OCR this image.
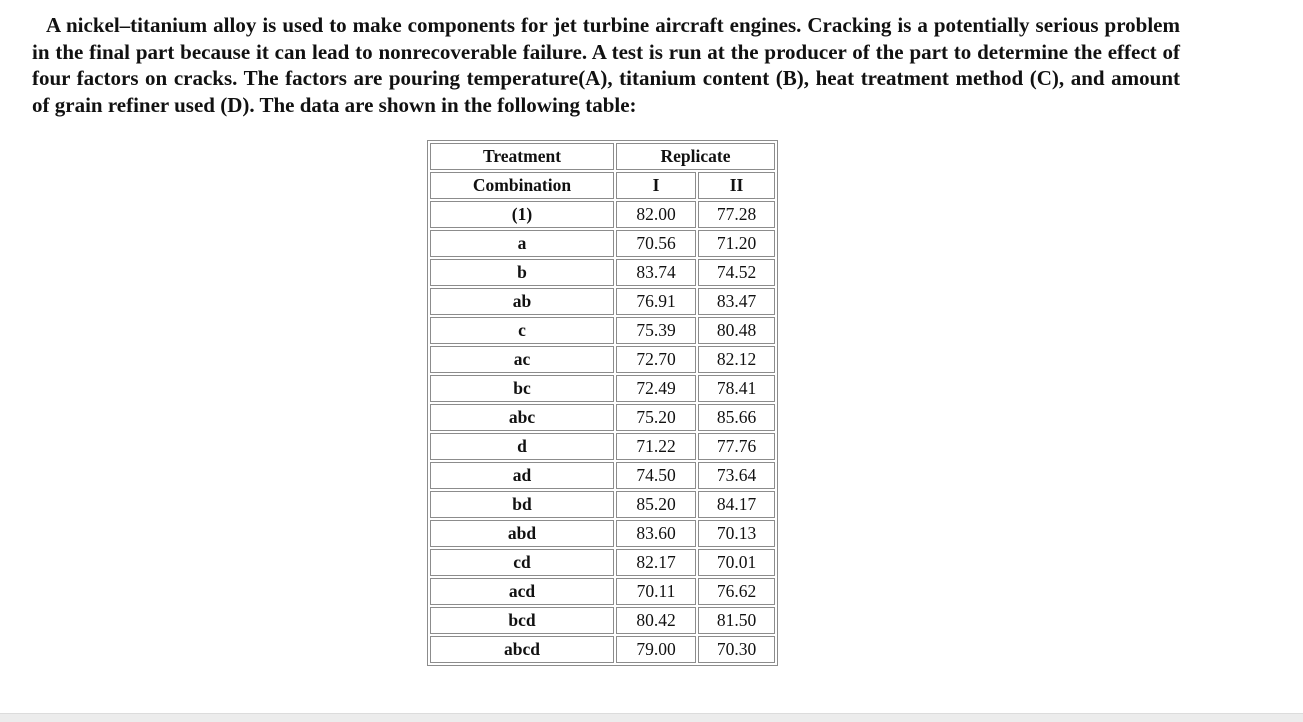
A nickel–titanium alloy is used to make components for jet turbine aircraft engines. Cracking is a potentially serious problem in the final part because it can lead to nonrecoverable failure. A test is run at the producer of the part to determine the effect of four factors on cracks. The factors are pouring temperature(A), titanium content (B), heat treatment method (C), and amount of grain refiner used (D). The data are shown in the following table:

Treatment	Replicate	
Combination	I	II
(1)	82.00	77.28
a	70.56	71.20
b	83.74	74.52
ab	76.91	83.47
c	75.39	80.48
ac	72.70	82.12
bc	72.49	78.41
abc	75.20	85.66
d	71.22	77.76
ad	74.50	73.64
bd	85.20	84.17
abd	83.60	70.13
cd	82.17	70.01
acd	70.11	76.62
bcd	80.42	81.50
abcd	79.00	70.30
